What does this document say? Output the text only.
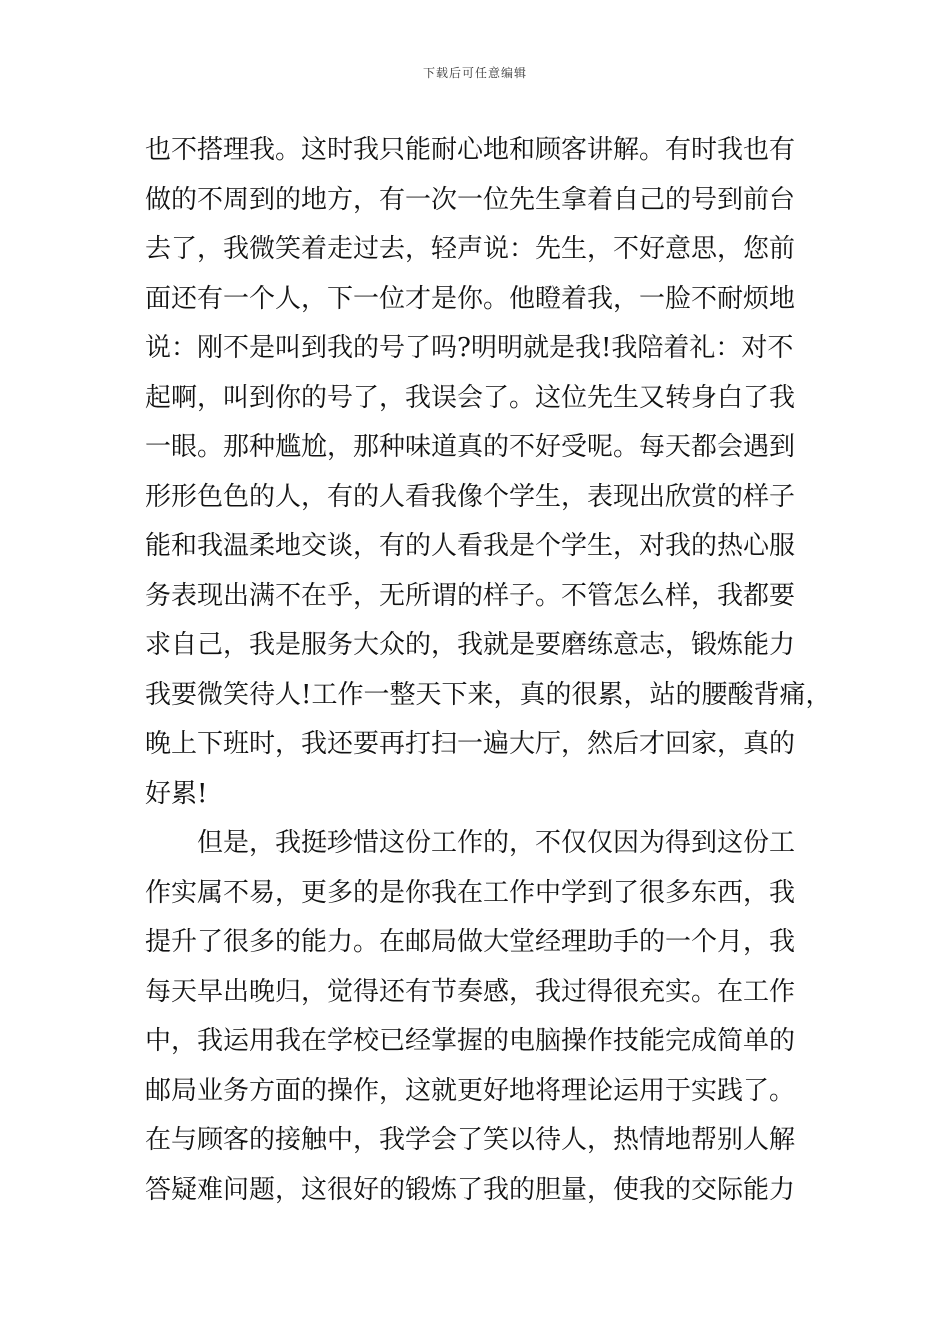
下载后可任意编辑
也不搭理我。这时我只能耐心地和顾客讲解。有时我也有
做的不周到的地方，有一次一位先生拿着自己的号到前台
去了，我微笑着走过去，轻声说：先生，不好意思，您前
面还有一个人，下一位才是你。他瞪着我，一脸不耐烦地
说：刚不是叫到我的号了吗?明明就是我!我陪着礼：对不
起啊，叫到你的号了，我误会了。这位先生又转身白了我
一眼。那种尴尬，那种味道真的不好受呢。每天都会遇到
形形色色的人，有的人看我像个学生，表现出欣赏的样子
能和我温柔地交谈，有的人看我是个学生，对我的热心服
务表现出满不在乎，无所谓的样子。不管怎么样，我都要
求自己，我是服务大众的，我就是要磨练意志，锻炼能力
我要微笑待人!工作一整天下来，真的很累，站的腰酸背痛，
晚上下班时，我还要再打扫一遍大厅，然后才回家，真的
好累!
　　但是，我挺珍惜这份工作的，不仅仅因为得到这份工
作实属不易，更多的是你我在工作中学到了很多东西，我
提升了很多的能力。在邮局做大堂经理助手的一个月，我
每天早出晚归，觉得还有节奏感，我过得很充实。在工作
中，我运用我在学校已经掌握的电脑操作技能完成简单的
邮局业务方面的操作，这就更好地将理论运用于实践了。
在与顾客的接触中，我学会了笑以待人，热情地帮别人解
答疑难问题，这很好的锻炼了我的胆量，使我的交际能力
